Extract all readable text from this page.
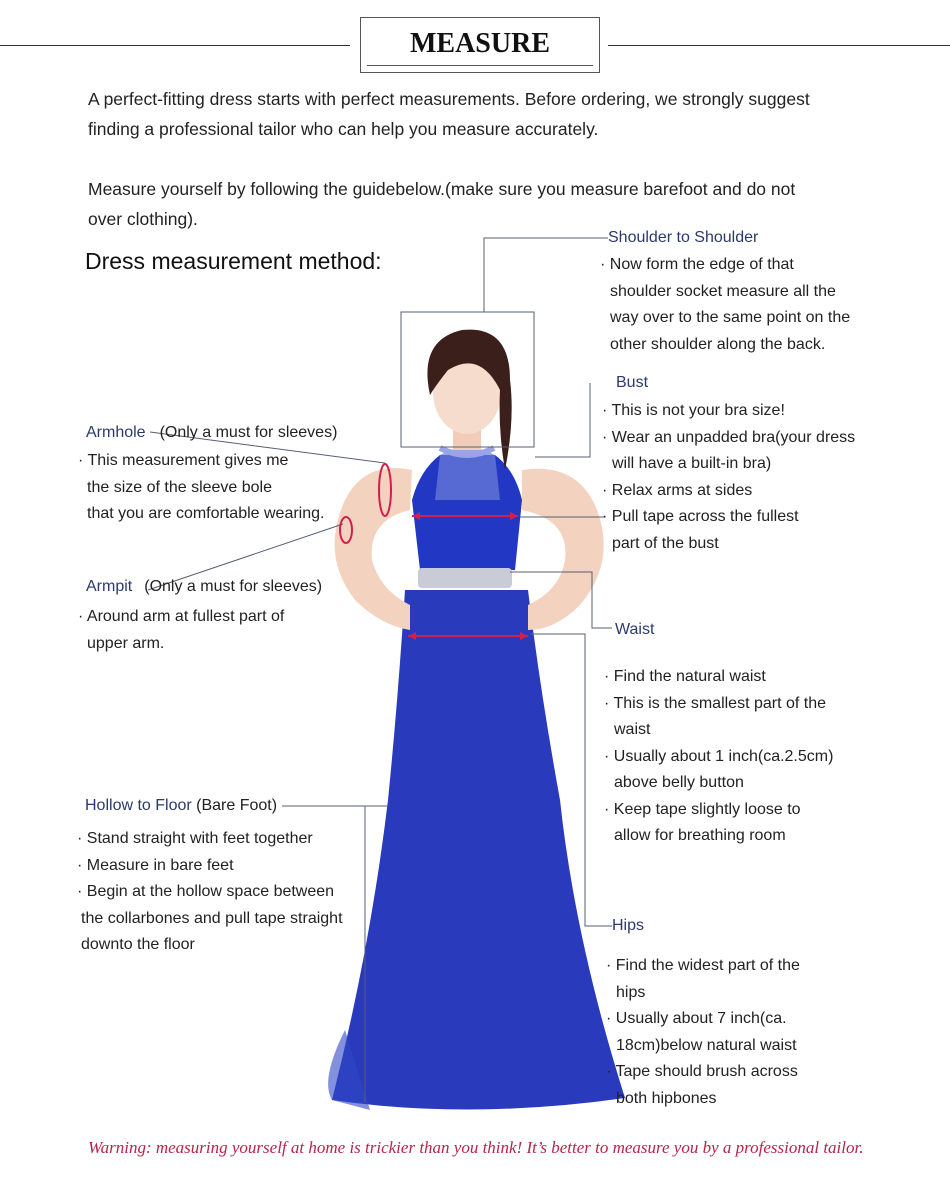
MEASURE
A perfect-fitting dress starts with perfect measurements. Before ordering, we strongly suggest
finding a professional tailor who can help you measure accurately.
Measure yourself by following the guidebelow.(make sure you measure barefoot and do not
over clothing).
Dress measurement method:
Shoulder to Shoulder
· Now form the edge of that
shoulder socket measure all the
way over to the same point on the
other shoulder along the back.
Bust
· This is not your bra size!
· Wear an unpadded bra(your dress
will have a built-in bra)
· Relax arms at sides
· Pull tape across the fullest
part of the bust
Waist
· Find the natural waist
· This is the smallest part of the
waist
· Usually about 1 inch(ca.2.5cm)
above belly button
· Keep tape slightly loose to
allow for breathing room
Hips
· Find the widest part of the
hips
· Usually about 7 inch(ca.
18cm)below natural waist
· Tape should brush across
both hipbones
Armhole (Only a must for sleeves)
· This measurement gives me
the size of the sleeve bole
that you are comfortable wearing.
Armpit (Only a must for sleeves)
· Around arm at fullest part of
upper arm.
Hollow to Floor (Bare Foot)
· Stand straight with feet together
· Measure in bare feet
· Begin at the hollow space between
the collarbones and pull tape straight
downto the floor
Warning: measuring yourself at home is trickier than you think! It’s better to measure you by a professional tailor.
